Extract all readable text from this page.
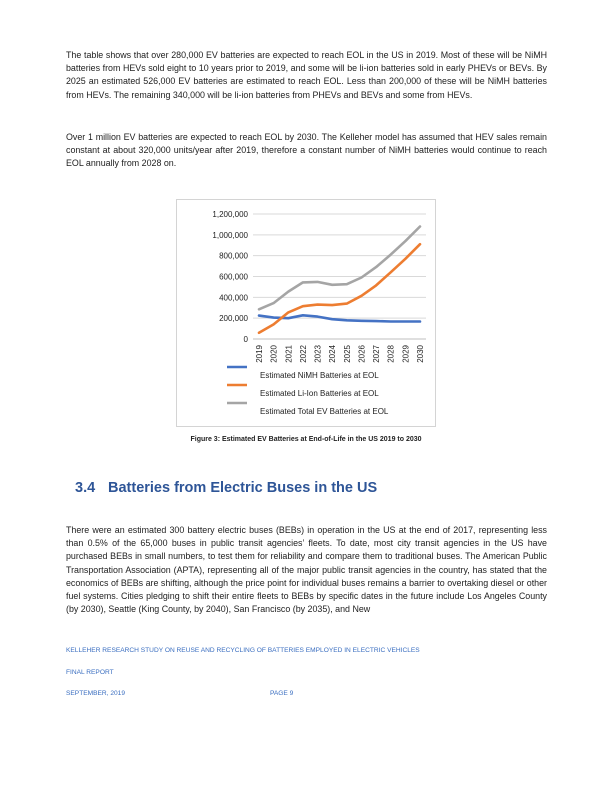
The table shows that over 280,000 EV batteries are expected to reach EOL in the US in 2019. Most of these will be NiMH batteries from HEVs sold eight to 10 years prior to 2019, and some will be li-ion batteries sold in early PHEVs or BEVs. By 2025 an estimated 526,000 EV batteries are estimated to reach EOL. Less than 200,000 of these will be NiMH batteries from HEVs. The remaining 340,000 will be li-ion batteries from PHEVs and BEVs and some from HEVs.

Over 1 million EV batteries are expected to reach EOL by 2030. The Kelleher model has assumed that HEV sales remain constant at about 320,000 units/year after 2019, therefore a constant number of NiMH batteries would continue to reach EOL annually from 2028 on.

0
200,000
400,000
600,000
800,000
1,000,000
1,200,000
2019 2020 2021 2022 2023 2024 2025 2026 2027 2028 2029 2030
Estimated NiMH Batteries at EOL
Estimated Li-Ion Batteries at EOL
Estimated Total EV Batteries at EOL

Figure 3: Estimated EV Batteries at End-of-Life in the US 2019 to 2030

3.4 Batteries from Electric Buses in the US

There were an estimated 300 battery electric buses (BEBs) in operation in the US at the end of 2017, representing less than 0.5% of the 65,000 buses in public transit agencies’ fleets. To date, most city transit agencies in the US have purchased BEBs in small numbers, to test them for reliability and compare them to traditional buses. The American Public Transportation Association (APTA), representing all of the major public transit agencies in the country, has stated that the economics of BEBs are shifting, although the price point for individual buses remains a barrier to overtaking diesel or other fuel systems. Cities pledging to shift their entire fleets to BEBs by specific dates in the future include Los Angeles County (by 2030), Seattle (King County, by 2040), San Francisco (by 2035), and New

KELLEHER RESEARCH STUDY ON REUSE AND RECYCLING OF BATTERIES EMPLOYED IN ELECTRIC VEHICLES

FINAL REPORT

SEPTEMBER, 2019	PAGE 9
